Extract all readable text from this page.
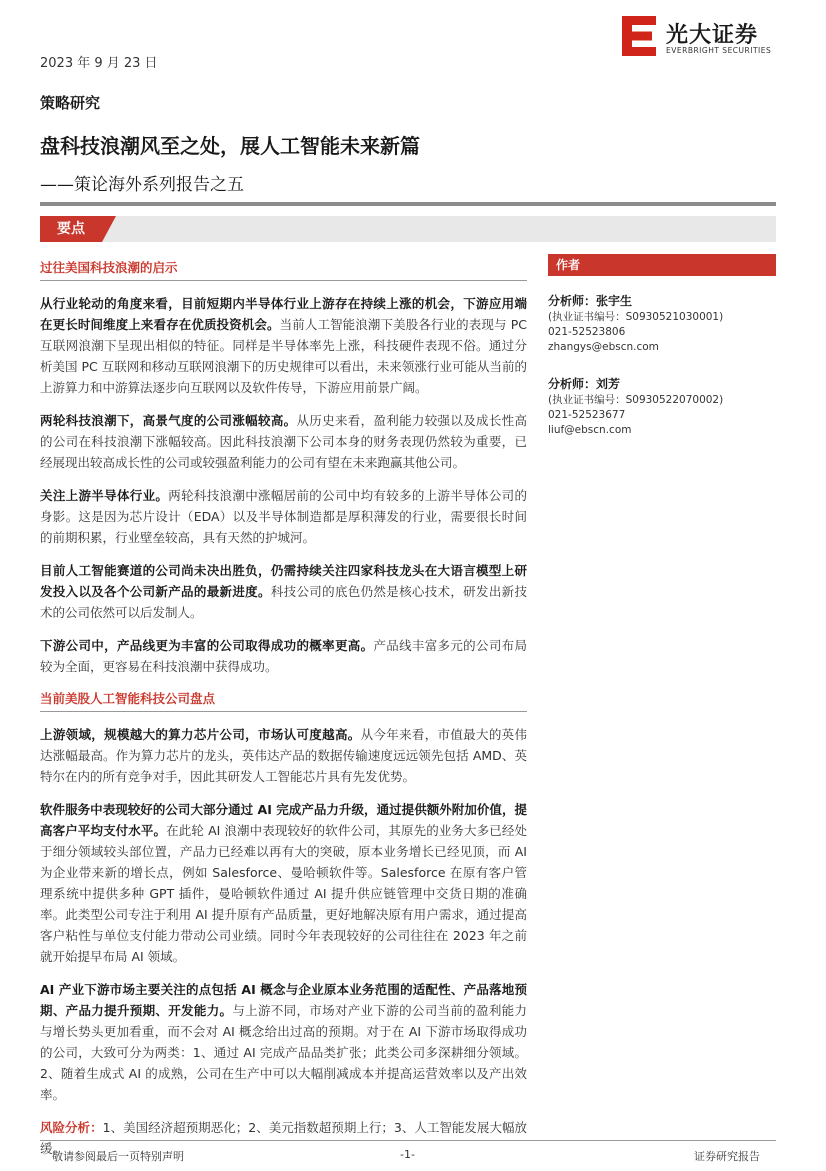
2023 年 9 月 23 日
光大证券
EVERBRIGHT SECURITIES
策略研究
盘科技浪潮风至之处，展人工智能未来新篇
——策论海外系列报告之五
要点
过往美国科技浪潮的启示
从行业轮动的角度来看，目前短期内半导体行业上游存在持续上涨的机会，下游应用端在更长时间维度上来看存在优质投资机会。当前人工智能浪潮下美股各行业的表现与 PC 互联网浪潮下呈现出相似的特征。同样是半导体率先上涨，科技硬件表现不俗。通过分析美国 PC 互联网和移动互联网浪潮下的历史规律可以看出，未来领涨行业可能从当前的上游算力和中游算法逐步向互联网以及软件传导，下游应用前景广阔。
两轮科技浪潮下，高景气度的公司涨幅较高。从历史来看，盈利能力较强以及成长性高的公司在科技浪潮下涨幅较高。因此科技浪潮下公司本身的财务表现仍然较为重要，已经展现出较高成长性的公司或较强盈利能力的公司有望在未来跑赢其他公司。
关注上游半导体行业。两轮科技浪潮中涨幅居前的公司中均有较多的上游半导体公司的身影。这是因为芯片设计（EDA）以及半导体制造都是厚积薄发的行业，需要很长时间的前期积累，行业壁垒较高，具有天然的护城河。
目前人工智能赛道的公司尚未决出胜负，仍需持续关注四家科技龙头在大语言模型上研发投入以及各个公司新产品的最新进度。科技公司的底色仍然是核心技术，研发出新技术的公司依然可以后发制人。
下游公司中，产品线更为丰富的公司取得成功的概率更高。产品线丰富多元的公司布局较为全面，更容易在科技浪潮中获得成功。
当前美股人工智能科技公司盘点
上游领域，规模越大的算力芯片公司，市场认可度越高。从今年来看，市值最大的英伟达涨幅最高。作为算力芯片的龙头，英伟达产品的数据传输速度远远领先包括 AMD、英特尔在内的所有竞争对手，因此其研发人工智能芯片具有先发优势。
软件服务中表现较好的公司大部分通过 AI 完成产品力升级，通过提供额外附加价值，提高客户平均支付水平。在此轮 AI 浪潮中表现较好的软件公司，其原先的业务大多已经处于细分领域较头部位置，产品力已经难以再有大的突破，原本业务增长已经见顶，而 AI 为企业带来新的增长点，例如 Salesforce、曼哈顿软件等。Salesforce 在原有客户管理系统中提供多种 GPT 插件，曼哈顿软件通过 AI 提升供应链管理中交货日期的准确率。此类型公司专注于利用 AI 提升原有产品质量，更好地解决原有用户需求，通过提高客户粘性与单位支付能力带动公司业绩。同时今年表现较好的公司往往在 2023 年之前就开始提早布局 AI 领域。
AI 产业下游市场主要关注的点包括 AI 概念与企业原本业务范围的适配性、产品落地预期、产品力提升预期、开发能力。与上游不同，市场对产业下游的公司当前的盈利能力与增长势头更加看重，而不会对 AI 概念给出过高的预期。对于在 AI 下游市场取得成功的公司，大致可分为两类：1、通过 AI 完成产品品类扩张；此类公司多深耕细分领域。2、随着生成式 AI 的成熟，公司在生产中可以大幅削减成本并提高运营效率以及产出效率。
风险分析：1、美国经济超预期恶化；2、美元指数超预期上行；3、人工智能发展大幅放缓。
作者
分析师：张宇生
(执业证书编号：S0930521030001)
021-52523806
zhangys@ebscn.com
分析师：刘芳
(执业证书编号：S0930522070002)
021-52523677
liuf@ebscn.com
敬请参阅最后一页特别声明	-1-	证券研究报告
